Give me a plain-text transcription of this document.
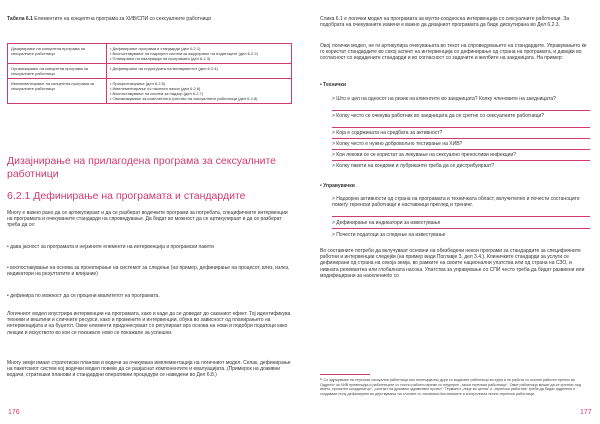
Табела 6.1 Елементите на концептна програма за ХИВ/СПИ со сексуалните работници

Дизајнирање на концептна програма за сексуалните работници	• Дефинирање програма и стандарди (дел 6.2.1)
• Воспоставување на надзорен систем за ажурирање на податоците (дел 6.2.2)
• Планирање на евалуација на програмата (дел 6.2.3)

Организирање на концептна програма за сексуалните работници	• Дефинирање на структурата на менаџментот (дел 6.2.4)

Имплементирање на концептна програма за сексуалните работници	• Приоритизирање (дел 6.2.5)
• Имплементирање со населен начин (дел 6.2.6)
• Воспоставување на систем за надзор (дел 6.2.7)
• Овозможување за комплетното учество на сексуалните работници (дел 6.2.8)
Дизајнирање на прилагодена програма за сексуалните работници
6.2.1 Дефинирање на програмата и стандардите

Многу е важно рано да се артикулираат и да се разберат водечките програми за потребата, специфичните интервенции на програмата и очекуваните стандарди на спроведување. Да бидат во можност да се артикулираат и да се разберат треба да се:

• дава јасност за програмата и нејзините елементи на интервенција и програмски пакети

• воспоставување на основа за проектирање на системот за следење (на пример, дефинирање на процесот, влез, излез, индикатори на резултатите и влијание)

• дефинира по можност да се процени квалитетот на програмата.

Логичниот модел илустрира интервенции на програмата, како и каде да се доведат до саканиот ефект. Тој идентификува техники и вештини и сличните ресурси, како и промените и интервенции, обука во зависност од планирањето на интервенцијата и на буџетот. Овие елементи придонесуваат со регулираат врз основа на нови и подобри податоци како лекции и искуството во кои се покажало ново се покажале за успешни.

Многу земји имаат стратегиски планови и водечи за очекувана имплементација на логичниот модел. Селак, дефинирање на пакетскиот систем кој водечки модел повеќе да се разјаснат компонентите и евалуацијата. (Примерок на доживни водачи, стратешки планови и стандардни оперативни процедури се наведени во Дел 6.8.)

176

Слика 6.1 е логички модел на програмата за мулти-соодносна интервенција со сексуалните работници. За подобрата на очекуваните измени е важно да дизајниот програмата да биде дискутирана во Дел 6.2.3.

Овој логички модел, не ги артикулира очекувањата во текот на спроведувањето на стандардите. Управувањето ќе го користат стандардите во секој аспект на интервенција со дефинирање од страна на програмата, и давајќи во согласност со издадените стандарди и во согласност со задачите и желбите на заедницата. На пример:

• Технички

> Што е цел на односот на ризик на клиентите во заедницата? Колку членовите на заедницата?

> Колку често се очекува работник во заедницата да се сретне со сексуалните работници?

> Која е содржината на средбата за активност?

> Колку често е нужно добровољно тестирање на ХИВ?

> Кои лекови се се користат за лекување на сексуално преносливи инфекции?

> Колку пакети на кондоми и лубриканти треба да се дистрибуираат?

• Управувачки

> Надзорни активности од страна на програмата и техничката област, вклучително и почести состаноците помеѓу теренски работници и наставници преглед и тренинг.

> Дефинирање на индикатори за известување

> Почести податоци за следење на известување

Во составните потреби да вклучуваат основни на обезбедени некои програми за стандардите за специфичните работни и интервенции следејќи (на пример види Поглавје 3, дел 3.4.). Клиничките стандарди за услуги се дефинирани од страна на секоја земја, во рамките на своите национални упатства или од страна на СЗО, и нивната релевантна или глобалната насока. Упатства за управување со СПИ честo треба да бидат развиени или модифицирани за населениеto со

¹¹ Со одржување на теренски сексуални работници кои потенцијално дури со водачите работници во една и не работи со околно работен пренос во Одделот за ХИВ превенција и работниците со полно работно време со неуререн „такси теренски работници“. Овие работници можат да се сретнат под името „проектен координатор“, „контакт на државно здравствен проект.“ Терминот „лице во целна“ и „теренски работник“ треба да бидат одделени и создаваат полу-дефинирани во дејствување на хлоните со тековниот/системските и контролната лични теренски работници.

177
